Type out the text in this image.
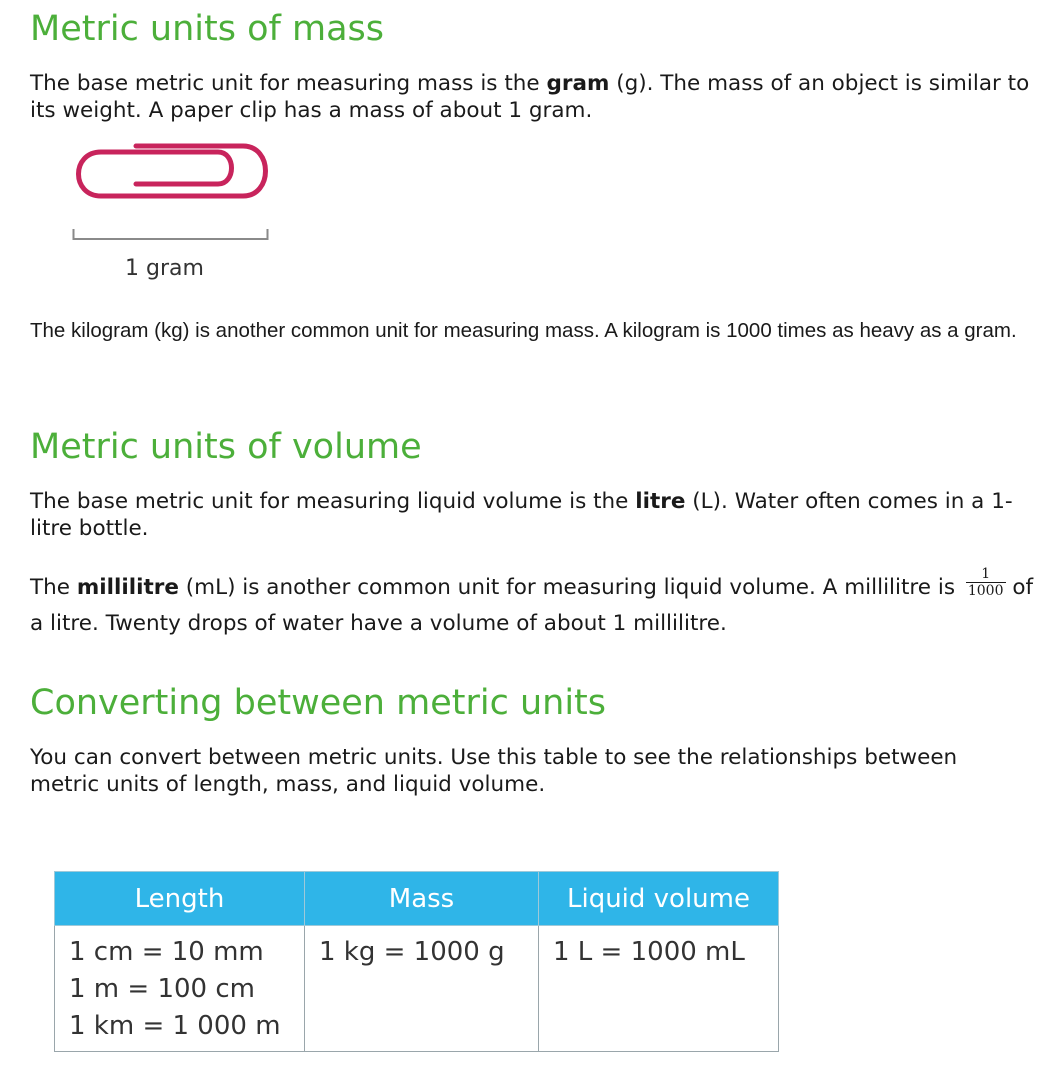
Metric units of mass

The base metric unit for measuring mass is the gram (g). The mass of an object is similar to its weight. A paper clip has a mass of about 1 gram.

1 gram

The kilogram (kg) is another common unit for measuring mass. A kilogram is 1000 times as heavy as a gram.

Metric units of volume

The base metric unit for measuring liquid volume is the litre (L). Water often comes in a 1-litre bottle.

The millilitre (mL) is another common unit for measuring liquid volume. A millilitre is $\frac{1}{1000}$ of a litre. Twenty drops of water have a volume of about 1 millilitre.

Converting between metric units

You can convert between metric units. Use this table to see the relationships between metric units of length, mass, and liquid volume.

Length	Mass	Liquid volume

1 cm = 10 mm
1 m = 100 cm
1 km = 1 000 m	1 kg = 1000 g	1 L = 1000 mL
